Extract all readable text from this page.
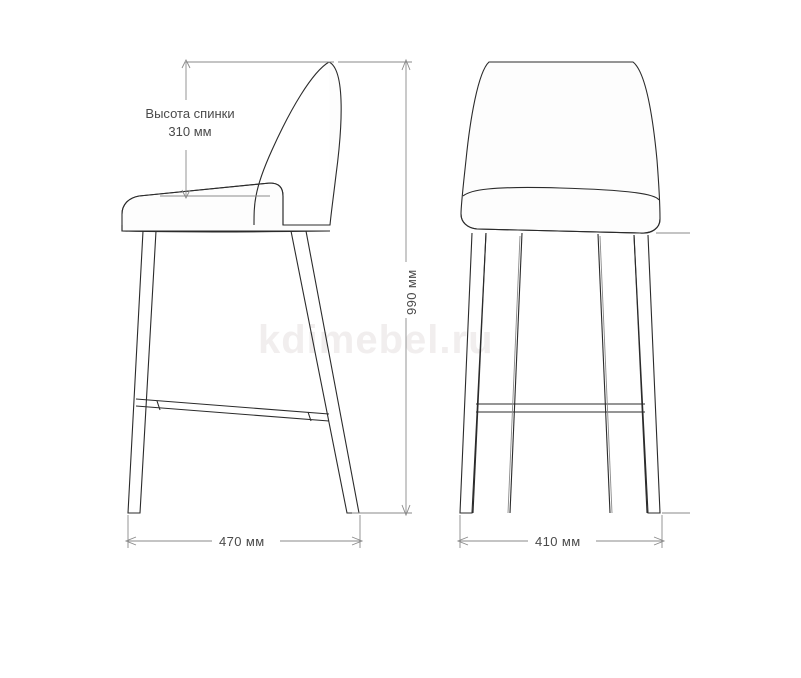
kdimebel.ru
Высота спинки
310 мм
990 мм
470 мм	410 мм
